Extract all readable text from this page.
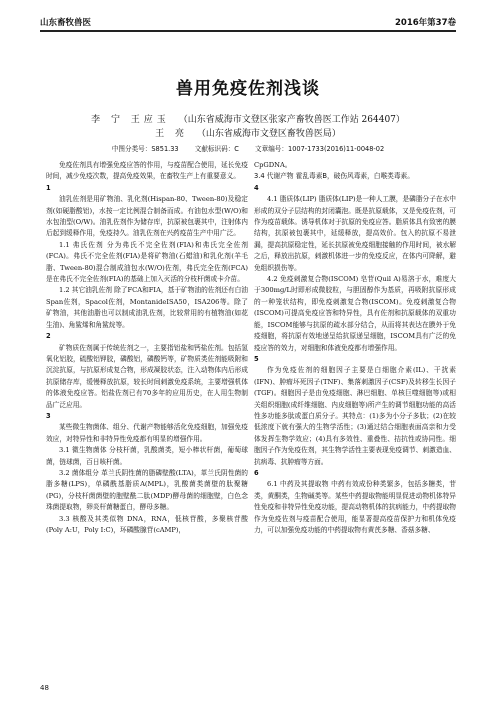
山东畜牧兽医	2016年第37卷
兽用免疫佐剂浅谈
李 宁 王应玉 （山东省威海市文登区张家产畜牧兽医工作站 264407）
王 亮 （山东省威海市文登区畜牧兽医局）
中图分类号：S851.33 文献标识码：C 文章编号：1007-1733(2016)11-0048-02

免疫佐剂具有增强免疫应答的作用，与疫苗配合使用，延长免疫时间，减少免疫次数，提高免疫效果，在畜牧生产上有重要意义。

1

油乳佐剂是用矿物油、乳化剂(Hispan-80、Tween-80)及稳定剂(如硬脂酸铝)，水按一定比例混合制备而成。有油包水型(W/O)和水包油型(O/W)。油乳佐剂作为储存库，抗原被包裹其中，注射体内后起到缓释作用，免疫持久。油乳佐剂在兴药疫苗生产中用广泛。

1.1 弗氏佐剂 分为弗氏不完全佐剂(FIA)和弗氏完全佐剂(FCA)。弗氏不完全佐剂(FIA)是将矿物油(石蜡油)和乳化剂(羊毛脂、Tween-80)混合制成油包水(W/O)佐剂，弗氏完全佐剂(FCA)是在弗氏不完全佐剂(FIA)的基础上加入灭活的分枝杆菌或卡介苗。

1.2 其它油乳佐剂 除了FCA和FIA，基于矿物油的佐剂还有白油Span佐剂，Spacol佐剂，MontanideISA50，ISA206等。除了矿物油，其他油脂也可以制成油乳佐剂，比较常用的有植物油(如花生油)、角鲨烯和角鲨烷等。

2

矿物质佐剂属于传统佐剂之一，主要指铝盐和钙盐佐剂。包括氢氧化铝胶，硫酸铝钾胶，磷酸铝，磷酸钙等，矿物质类佐剂能吸附和沉淀抗原，与抗原形成复合物，形成凝胶状态，注入动物体内后形成抗原储存库，缓慢释放抗原，较长时间刺激免疫系统，主要增强机体的体液免疫应答。铝盐佐剂已有70多年的应用历史，在人用生物制品广泛应用。

3

某些微生物菌体、组分、代谢产物能够活化免疫细胞，加强免疫效应，对特异性和非特异性免疫都有明显的增强作用。

3.1 微生物菌体 分枝杆菌，乳酸菌类，短小棒状杆菌，葡萄球菌，链球菌，百日咳杆菌。

3.2 菌体组分 革兰氏阴性菌的脂磷壁酸(LTA)，革兰氏阴性菌的脂多糖(LPS)，单磷酰基脂质A(MPL)，乳酸菌类菌壁的肽聚糖(PG)，分枝杆菌菌壁的胞壁酰二肽(MDP)酵母菌的细胞壁，白色念珠菌提取物，卵炎杆菌糖蛋白，酵母多糖。

3.3 核酸及其类似物 DNA，RNA，低核苷酸，多聚核苷酸(Poly A:U，Poly I:C)，环磷酸腺苷(cAMP)，

CpGDNA。

3.4 代谢产物 霍乱毒素B，破伤风毒素，白喉类毒素。

4

4.1 脂质体(LIP) 脂质体(LIP)是一种人工膜，是磷脂分子在水中形成的双分子层结构的封闭囊泡。既是抗原载体，又是免疫佐剂，可作为疫苗载体。诱导机体对于抗原的免疫应答。脂质体具有致密的膜结构，抗原被包裹其中，延缓释放，提高效价。包入的抗原不易泄漏，提高抗原稳定性，延长抗原被免疫细胞接触的作用时间，被水解之后，释放出抗原，刺激机体进一步的免疫反应，在体内可降解，避免组织损伤等。

4.2 免疫刺激复合物(ISCOM) 皂苷(Quil A)易溶于水，难度大于300mg/L时即形成微胶粒，与胆固醇作为基质，再吸附抗原形成的一种笼状结构，即免疫刺激复合物(ISCOM)。免疫刺激复合物(ISCOM)可提高免疫应答和特异性，具有佐剂和抗原载体的双重功能，ISCOM能够与抗原的疏水部分结合，从而将其表达在膜外于免疫细胞，将抗原有效地递呈给抗原递呈细胞，ISCOM具有广泛的免疫应答的效力，对细胞和体液免疫都有增强作用。

5

作为免疫佐剂的细胞因子主要是白细胞介素(IL)、干扰素(IFN)、肿瘤坏死因子(TNF)、集落刺激因子(CSF)及转移生长因子(TGF)。细胞因子是由免疫细胞、淋巴细胞、单核巨噬细胞等)或相关组织细胞(成纤维细胞、内皮细胞等)所产生的调节细胞功能的高活性多功能多肽或蛋白质分子。其特点：(1)多为小分子多肽；(2)在较低浓度下就有强大的生物学活性；(3)通过结合细胞表面高亲和力受体发挥生物学效应；(4)具有多效性、重叠性、拮抗性或协同性。细胞因子作为免疫佐剂，其生物学活性主要表现免疫调节、刺激造血、抗病毒、抗肿瘤等方面。

6

6.1 中药及其提取物 中药有效成份种类繁多，包括多糖类，苷类，黄酮类，生物碱类等。某些中药提取物能明显促进动物机体特异性免疫和非特异性免疫功能，提高动物机体的抗病能力，中药提取物作为免疫佐剂与疫苗配合使用，能显著提高疫苗保护力和机体免疫力，可以加强免疫功能的中药提取物有黄芪多糖、香菇多糖、

48
